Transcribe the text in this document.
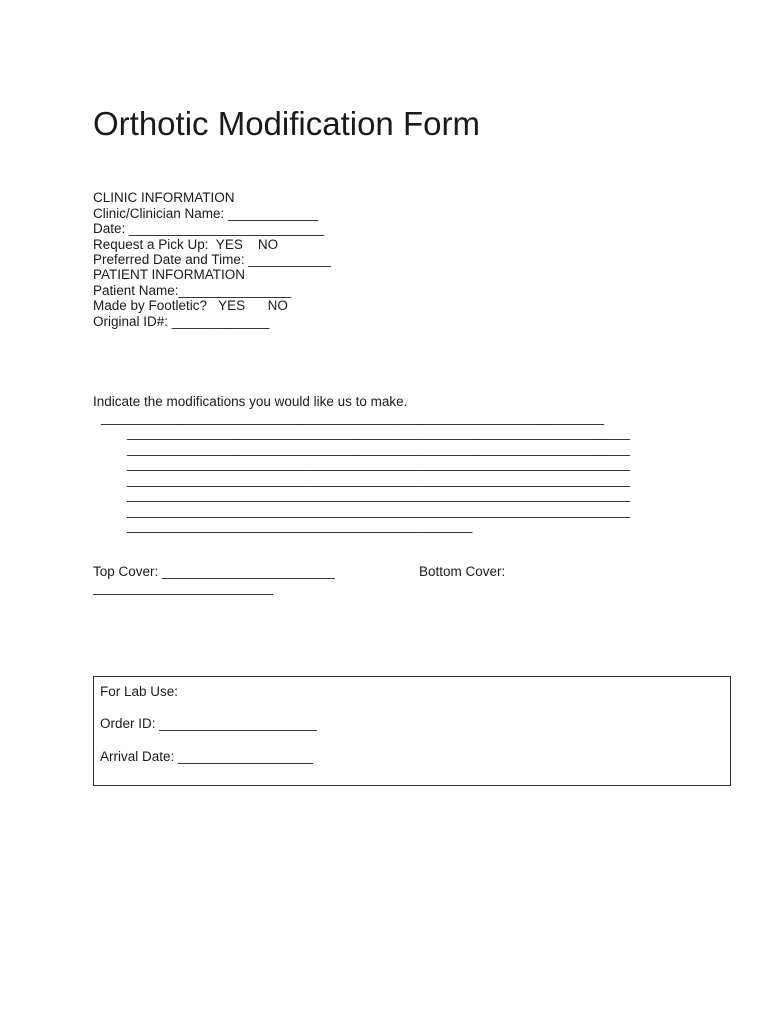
Orthotic Modification Form
CLINIC INFORMATION
Clinic/Clinician Name: ____________
Date: __________________________
Request a Pick Up:  YES    NO
Preferred Date and Time: ___________
PATIENT INFORMATION
Patient Name:_______________
Made by Footletic?   YES      NO
Original ID#: _____________
Indicate the modifications you would like us to make.
___________________________________________________________________
___________________________________________________________________
___________________________________________________________________
___________________________________________________________________
___________________________________________________________________
___________________________________________________________________
___________________________________________________________________
______________________________________________
Top Cover: _______________________	Bottom Cover:
________________________
For Lab Use:
Order ID: _____________________
Arrival Date: __________________
